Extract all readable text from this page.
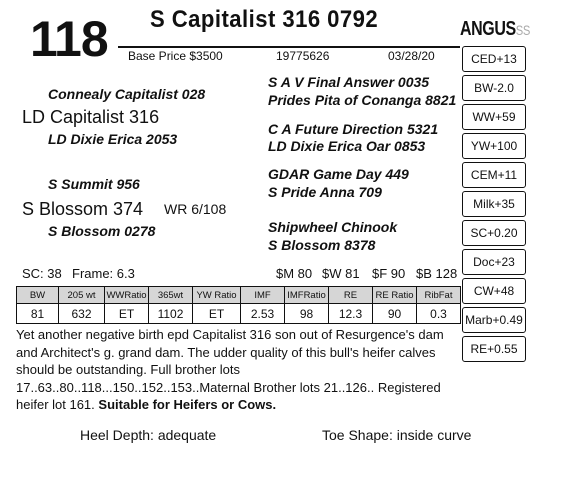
118 S Capitalist 316 0792
Base Price $3500	19775626	03/28/20
ANGUSSS
Connealy Capitalist 028
LD Capitalist 316
LD Dixie Erica 2053
S Summit 956
S Blossom 374 WR 6/108
S Blossom 0278
S A V Final Answer 0035
Prides Pita of Conanga 8821
C A Future Direction 5321
LD Dixie Erica Oar 0853
GDAR Game Day 449
S Pride Anna 709
Shipwheel Chinook
S Blossom 8378
CED+13
BW-2.0
WW+59
YW+100
CEM+11
Milk+35
SC+0.20
Doc+23
CW+48
Marb+0.49
RE+0.55
SC: 38 Frame: 6.3	$M 80 $W 81 $F 90 $B 128
BW	205 wt	WWRatio	365wt	YW Ratio	IMF	IMFRatio	RE	RE Ratio	RibFat
81	632	ET	1102	ET	2.53	98	12.3	90	0.3
Yet another negative birth epd Capitalist 316 son out of Resurgence's dam and Architect's g. grand dam. The udder quality of this bull's heifer calves should be outstanding. Full brother lots 17..63..80..118...150..152..153..Maternal Brother lots 21..126.. Registered heifer lot 161. Suitable for Heifers or Cows.
Heel Depth: adequate	Toe Shape: inside curve
